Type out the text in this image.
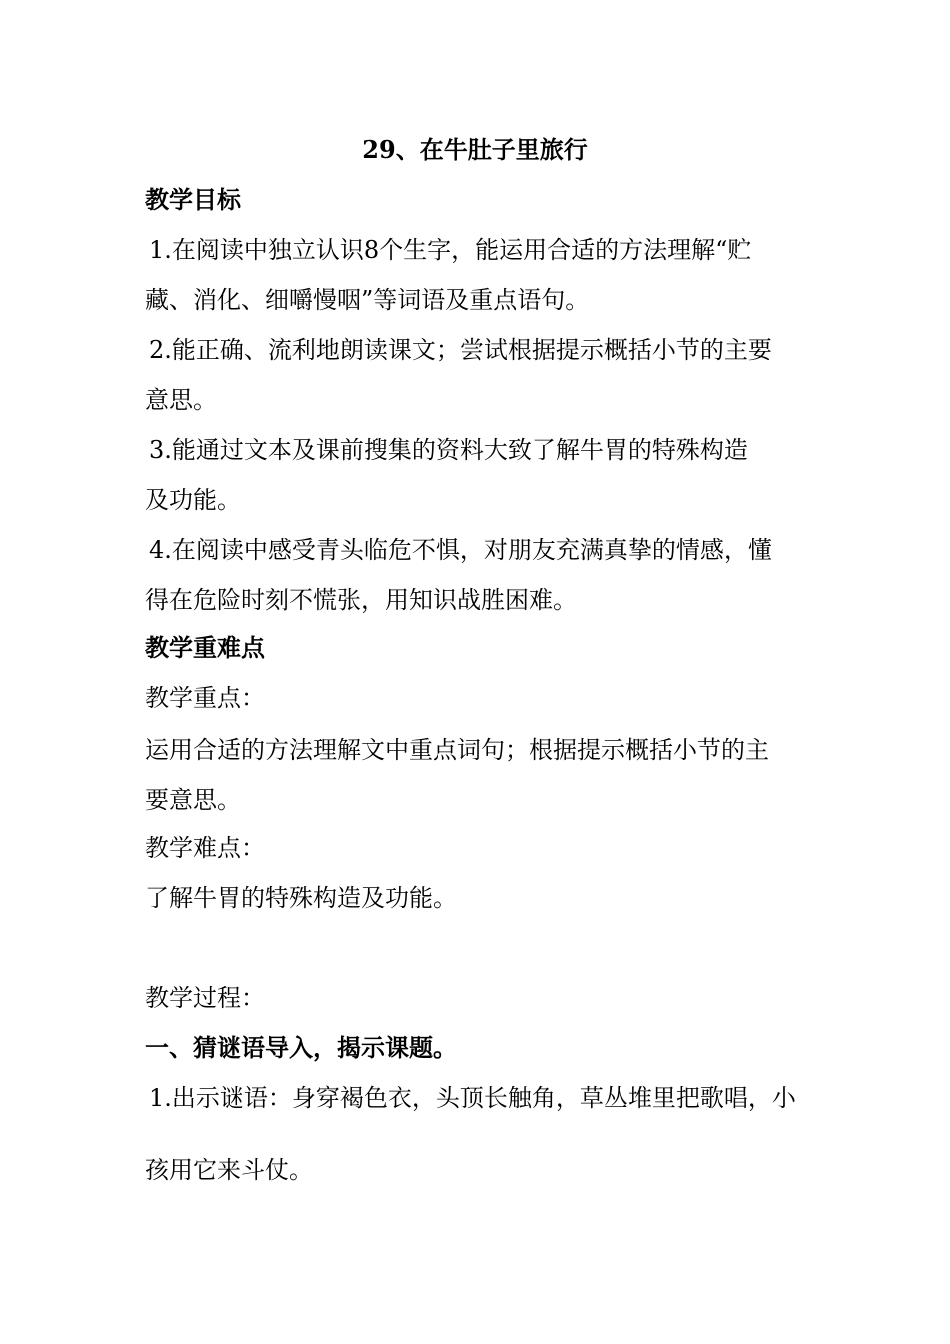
29、在牛肚子里旅行
教学目标
1.在阅读中独立认识8个生字，能运用合适的方法理解“贮
藏、消化、细嚼慢咽”等词语及重点语句。
2.能正确、流利地朗读课文；尝试根据提示概括小节的主要
意思。
3.能通过文本及课前搜集的资料大致了解牛胃的特殊构造
及功能。
4.在阅读中感受青头临危不惧，对朋友充满真挚的情感，懂
得在危险时刻不慌张，用知识战胜困难。
教学重难点
教学重点：
运用合适的方法理解文中重点词句；根据提示概括小节的主
要意思。
教学难点：
了解牛胃的特殊构造及功能。
教学过程：
一、猜谜语导入，揭示课题。
1.出示谜语：身穿褐色衣，头顶长触角，草丛堆里把歌唱，小
孩用它来斗仗。
